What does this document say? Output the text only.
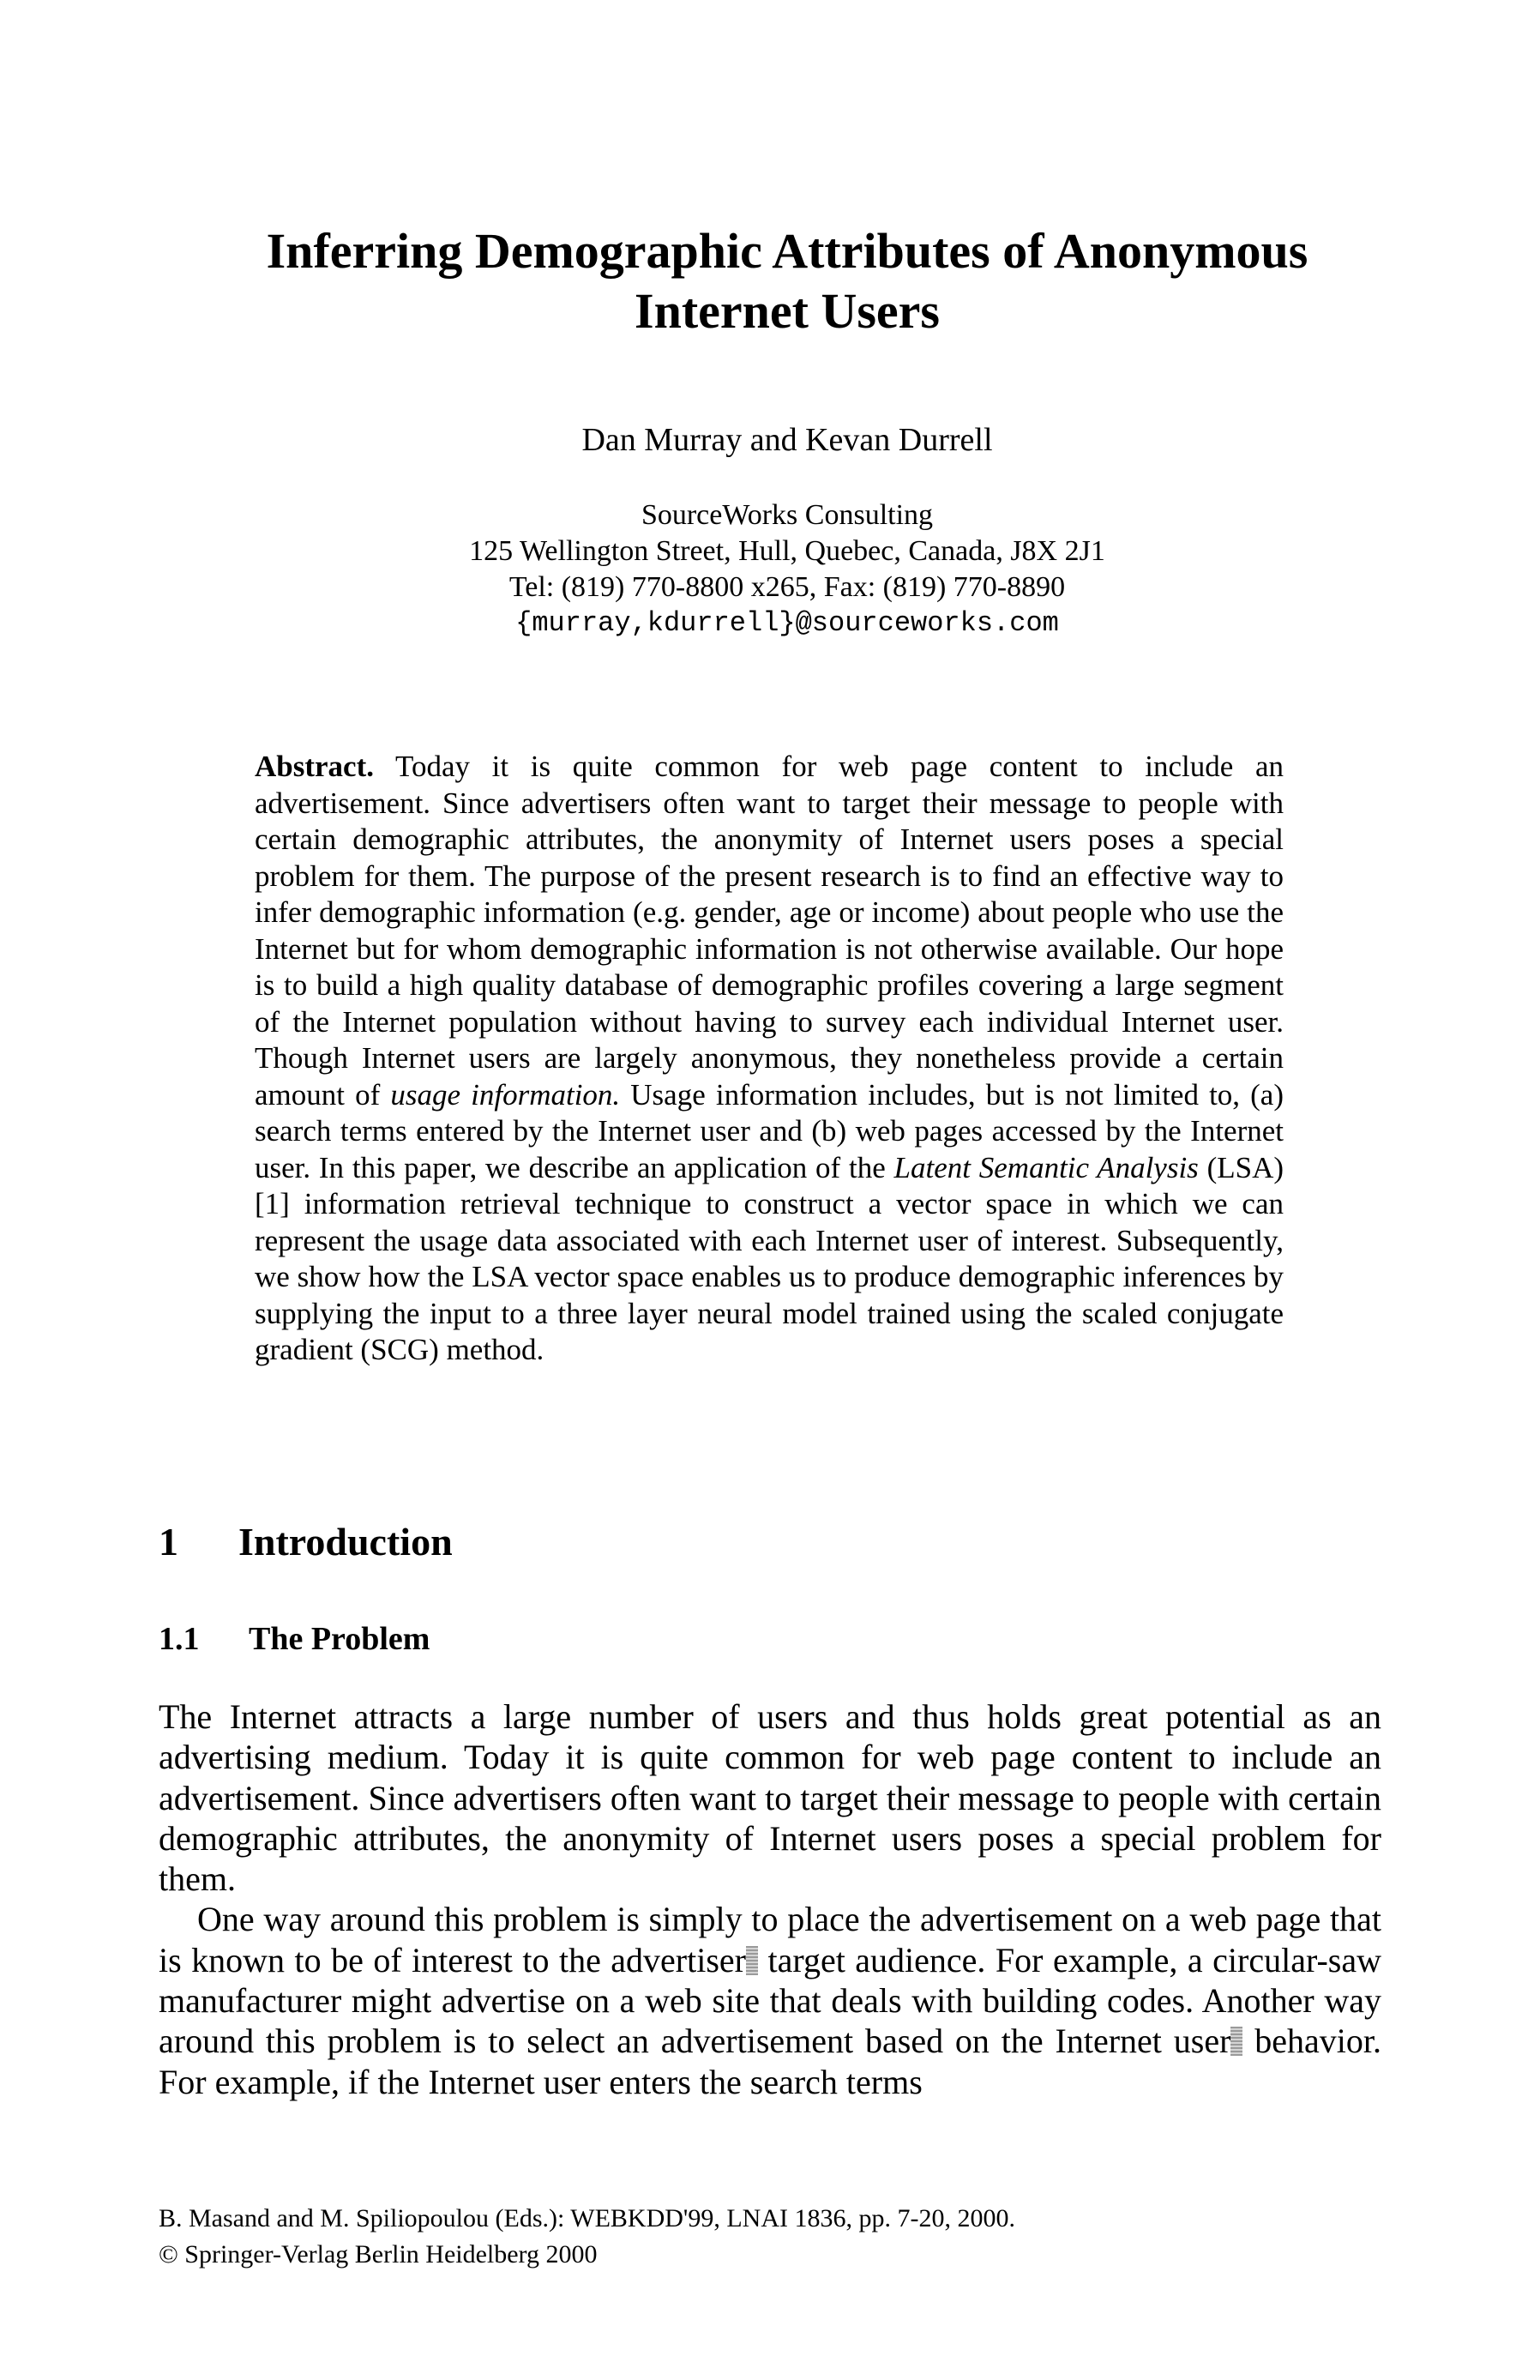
Inferring Demographic Attributes of Anonymous
Internet Users
Dan Murray and Kevan Durrell
SourceWorks Consulting
125 Wellington Street, Hull, Quebec, Canada, J8X 2J1
Tel: (819) 770-8800 x265, Fax: (819) 770-8890
{murray,kdurrell}@sourceworks.com
Abstract. Today it is quite common for web page content to include an advertisement. Since advertisers often want to target their message to people with certain demographic attributes, the anonymity of Internet users poses a special problem for them. The purpose of the present research is to find an effective way to infer demographic information (e.g. gender, age or income) about people who use the Internet but for whom demographic information is not otherwise available. Our hope is to build a high quality database of demographic profiles covering a large segment of the Internet population without having to survey each individual Internet user. Though Internet users are largely anonymous, they nonetheless provide a certain amount of usage information. Usage information includes, but is not limited to, (a) search terms entered by the Internet user and (b) web pages accessed by the Internet user. In this paper, we describe an application of the Latent Semantic Analysis (LSA) [1] information retrieval technique to construct a vector space in which we can represent the usage data associated with each Internet user of interest. Subsequently, we show how the LSA vector space enables us to produce demographic inferences by supplying the input to a three layer neural model trained using the scaled conjugate gradient (SCG) method.
1 Introduction
1.1 The Problem

The Internet attracts a large number of users and thus holds great potential as an advertising medium. Today it is quite common for web page content to include an advertisement. Since advertisers often want to target their message to people with certain demographic attributes, the anonymity of Internet users poses a special problem for them.

One way around this problem is simply to place the advertisement on a web page that is known to be of interest to the advertiser target audience. For example, a circular-saw manufacturer might advertise on a web site that deals with building codes. Another way around this problem is to select an advertisement based on the Internet user behavior. For example, if the Internet user enters the search terms

B. Masand and M. Spiliopoulou (Eds.): WEBKDD'99, LNAI 1836, pp. 7-20, 2000.
© Springer-Verlag Berlin Heidelberg 2000
